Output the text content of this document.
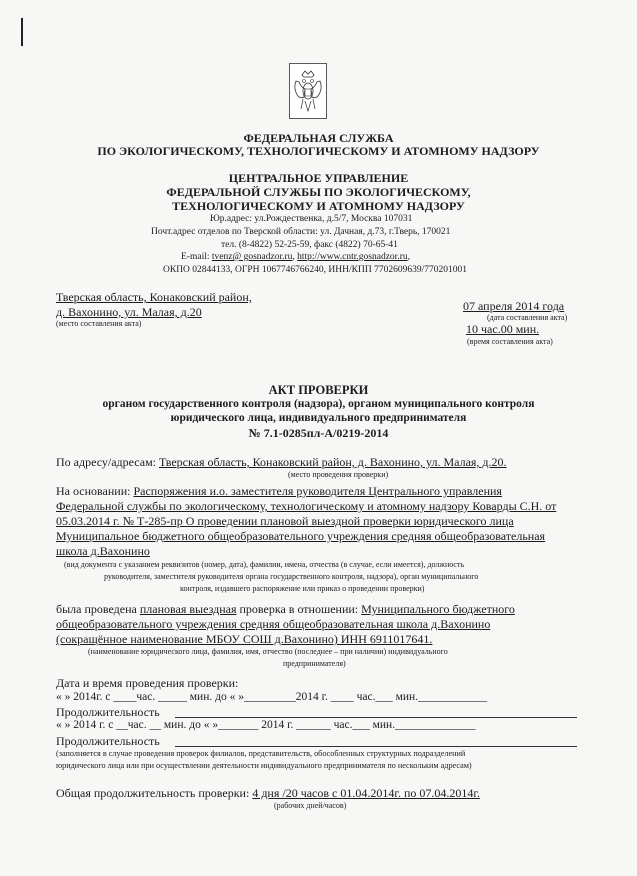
ФЕДЕРАЛЬНАЯ СЛУЖБА
ПО ЭКОЛОГИЧЕСКОМУ, ТЕХНОЛОГИЧЕСКОМУ И АТОМНОМУ НАДЗОРУ
ЦЕНТРАЛЬНОЕ УПРАВЛЕНИЕ
ФЕДЕРАЛЬНОЙ СЛУЖБЫ ПО ЭКОЛОГИЧЕСКОМУ,
ТЕХНОЛОГИЧЕСКОМУ И АТОМНОМУ НАДЗОРУ
Юр.адрес: ул.Рождественка, д.5/7, Москва 107031
Почт.адрес отделов по Тверской области: ул. Дачная, д.73, г.Тверь, 170021
тел. (8-4822) 52-25-59, факс (4822) 70-65-41
E-mail: tvenz@ gosnadzor.ru, http://www.cntr.gosnadzor.ru,
ОКПО 02844133, ОГРН 1067746766240, ИНН/КПП 7702609639/770201001
Тверская область, Конаковский район,
д. Вахонино, ул. Малая, д.20
(место составления акта)
07 апреля 2014 года
(дата составления акта)
10 час.00 мин.
(время составления акта)
АКТ ПРОВЕРКИ
органом государственного контроля (надзора), органом муниципального контроля
юридического лица, индивидуального предпринимателя
№ 7.1-0285пл-А/0219-2014
По адресу/адресам: Тверская область, Конаковский район, д. Вахонино, ул. Малая, д.20.
(место проведения проверки)
На основании: Распоряжения и.о. заместителя руководителя Центрального управления
Федеральной службы по экологическому, технологическому и атомному надзору Коварды С.Н. от
05.03.2014 г. № Т-285-пр О проведении плановой выездной проверки юридического лица
Муниципальное бюджетного общеобразовательного учреждения средняя общеобразовательная
школа д.Вахонино
(вид документа с указанием реквизитов (номер, дата), фамилии, имена, отчества (в случае, если имеется), должность
руководителя, заместителя руководителя органа государственного контроля, надзора), орган муниципального
контроля, издавшего распоряжение или приказ о проведении проверки)
была проведена плановая выездная проверка в отношении: Муниципального бюджетного
общеобразовательного учреждения средняя общеобразовательная школа д.Вахонино
(сокращённое наименование МБОУ СОШ д.Вахонино) ИНН 6911017641.
(наименование юридического лица, фамилия, имя, отчество (последнее – при наличии) индивидуального
предпринимателя)
Дата и время проведения проверки:
« » 2014г. с ____час. _____ мин. до « »_________2014 г. ____ час.___ мин.____________
Продолжительность
« » 2014 г. с __час. __ мин. до « »_______ 2014 г. ______ час.___ мин.______________
Продолжительность
(заполняется в случае проведения проверок филиалов, представительств, обособленных структурных подразделений
юридического лица или при осуществлении деятельности индивидуального предпринимателя по нескольким адресам)
Общая продолжительность проверки: 4 дня /20 часов с 01.04.2014г. по 07.04.2014г.
(рабочих дней/часов)
